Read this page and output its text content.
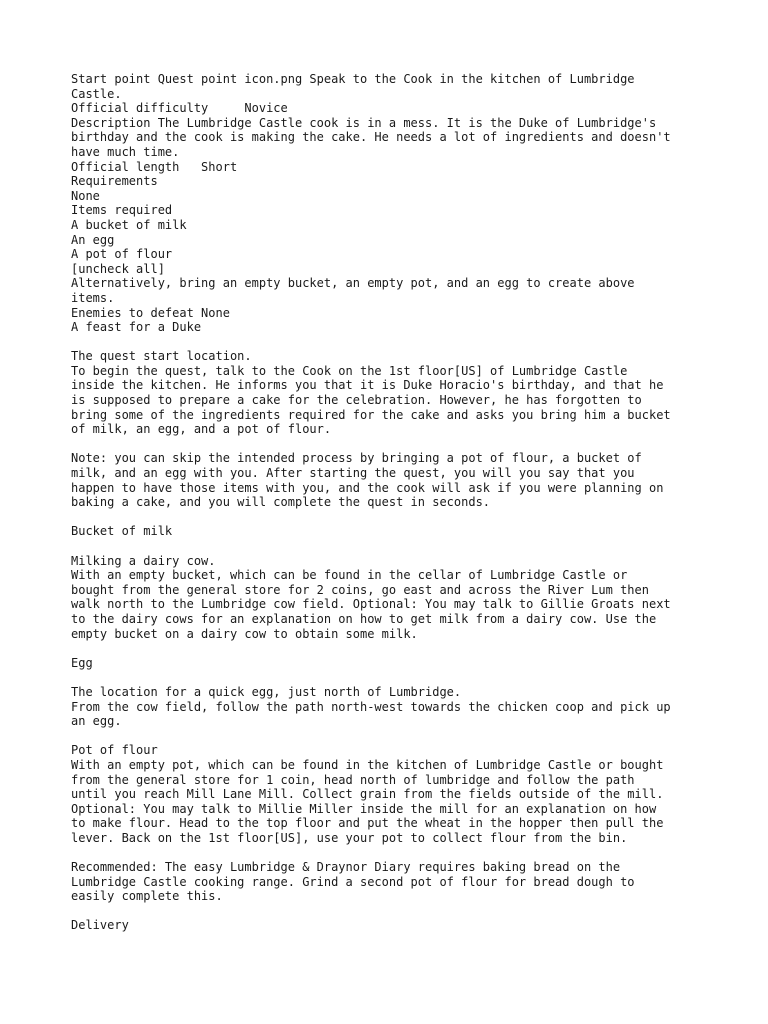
Start point Quest point icon.png Speak to the Cook in the kitchen of Lumbridge
Castle.
Official difficulty     Novice
Description The Lumbridge Castle cook is in a mess. It is the Duke of Lumbridge's
birthday and the cook is making the cake. He needs a lot of ingredients and doesn't
have much time.
Official length   Short
Requirements
None
Items required
A bucket of milk
An egg
A pot of flour
[uncheck all]
Alternatively, bring an empty bucket, an empty pot, and an egg to create above
items.
Enemies to defeat None
A feast for a Duke
The quest start location.
To begin the quest, talk to the Cook on the 1st floor[US] of Lumbridge Castle
inside the kitchen. He informs you that it is Duke Horacio's birthday, and that he
is supposed to prepare a cake for the celebration. However, he has forgotten to
bring some of the ingredients required for the cake and asks you bring him a bucket
of milk, an egg, and a pot of flour.
Note: you can skip the intended process by bringing a pot of flour, a bucket of
milk, and an egg with you. After starting the quest, you will you say that you
happen to have those items with you, and the cook will ask if you were planning on
baking a cake, and you will complete the quest in seconds.
Bucket of milk
Milking a dairy cow.
With an empty bucket, which can be found in the cellar of Lumbridge Castle or
bought from the general store for 2 coins, go east and across the River Lum then
walk north to the Lumbridge cow field. Optional: You may talk to Gillie Groats next
to the dairy cows for an explanation on how to get milk from a dairy cow. Use the
empty bucket on a dairy cow to obtain some milk.
Egg
The location for a quick egg, just north of Lumbridge.
From the cow field, follow the path north-west towards the chicken coop and pick up
an egg.
Pot of flour
With an empty pot, which can be found in the kitchen of Lumbridge Castle or bought
from the general store for 1 coin, head north of lumbridge and follow the path
until you reach Mill Lane Mill. Collect grain from the fields outside of the mill.
Optional: You may talk to Millie Miller inside the mill for an explanation on how
to make flour. Head to the top floor and put the wheat in the hopper then pull the
lever. Back on the 1st floor[US], use your pot to collect flour from the bin.
Recommended: The easy Lumbridge & Draynor Diary requires baking bread on the
Lumbridge Castle cooking range. Grind a second pot of flour for bread dough to
easily complete this.
Delivery
